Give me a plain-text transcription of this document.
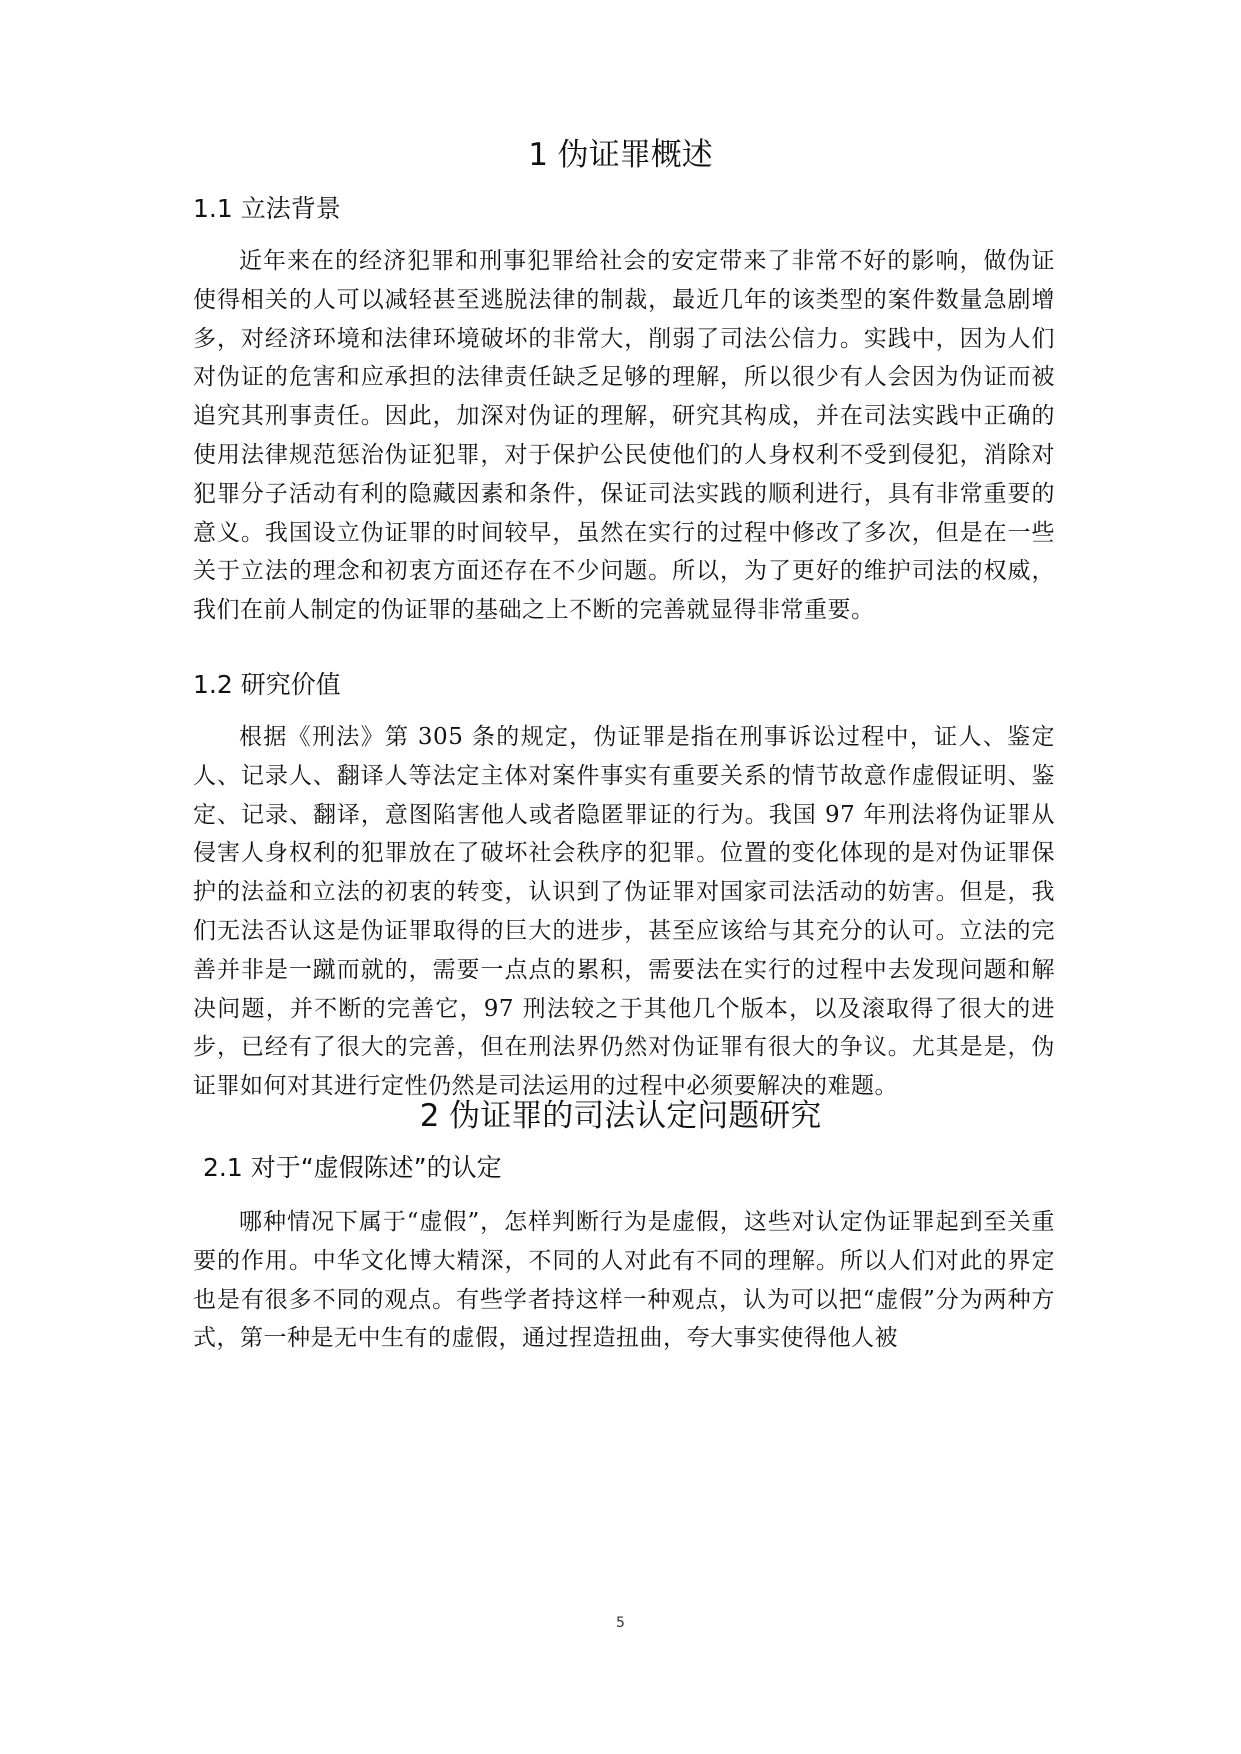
1 伪证罪概述
1.1 立法背景

近年来在的经济犯罪和刑事犯罪给社会的安定带来了非常不好的影响，做伪证使得相关的人可以减轻甚至逃脱法律的制裁，最近几年的该类型的案件数量急剧增多，对经济环境和法律环境破坏的非常大，削弱了司法公信力。实践中，因为人们对伪证的危害和应承担的法律责任缺乏足够的理解，所以很少有人会因为伪证而被追究其刑事责任。因此，加深对伪证的理解，研究其构成，并在司法实践中正确的使用法律规范惩治伪证犯罪，对于保护公民使他们的人身权利不受到侵犯，消除对犯罪分子活动有利的隐藏因素和条件，保证司法实践的顺利进行，具有非常重要的意义。我国设立伪证罪的时间较早，虽然在实行的过程中修改了多次，但是在一些关于立法的理念和初衷方面还存在不少问题。所以，为了更好的维护司法的权威，我们在前人制定的伪证罪的基础之上不断的完善就显得非常重要。

1.2 研究价值

根据《刑法》第 305 条的规定，伪证罪是指在刑事诉讼过程中，证人、鉴定人、记录人、翻译人等法定主体对案件事实有重要关系的情节故意作虚假证明、鉴定、记录、翻译，意图陷害他人或者隐匿罪证的行为。我国 97 年刑法将伪证罪从侵害人身权利的犯罪放在了破坏社会秩序的犯罪。位置的变化体现的是对伪证罪保护的法益和立法的初衷的转变，认识到了伪证罪对国家司法活动的妨害。但是，我们无法否认这是伪证罪取得的巨大的进步，甚至应该给与其充分的认可。立法的完善并非是一蹴而就的，需要一点点的累积，需要法在实行的过程中去发现问题和解决问题，并不断的完善它，97 刑法较之于其他几个版本，以及滚取得了很大的进步，已经有了很大的完善，但在刑法界仍然对伪证罪有很大的争议。尤其是是，伪证罪如何对其进行定性仍然是司法运用的过程中必须要解决的难题。

2 伪证罪的司法认定问题研究
2.1 对于“虚假陈述”的认定

哪种情况下属于“虚假”，怎样判断行为是虚假，这些对认定伪证罪起到至关重要的作用。中华文化博大精深，不同的人对此有不同的理解。所以人们对此的界定也是有很多不同的观点。有些学者持这样一种观点，认为可以把“虚假”分为两种方式，第一种是无中生有的虚假，通过捏造扭曲，夸大事实使得他人被

5
